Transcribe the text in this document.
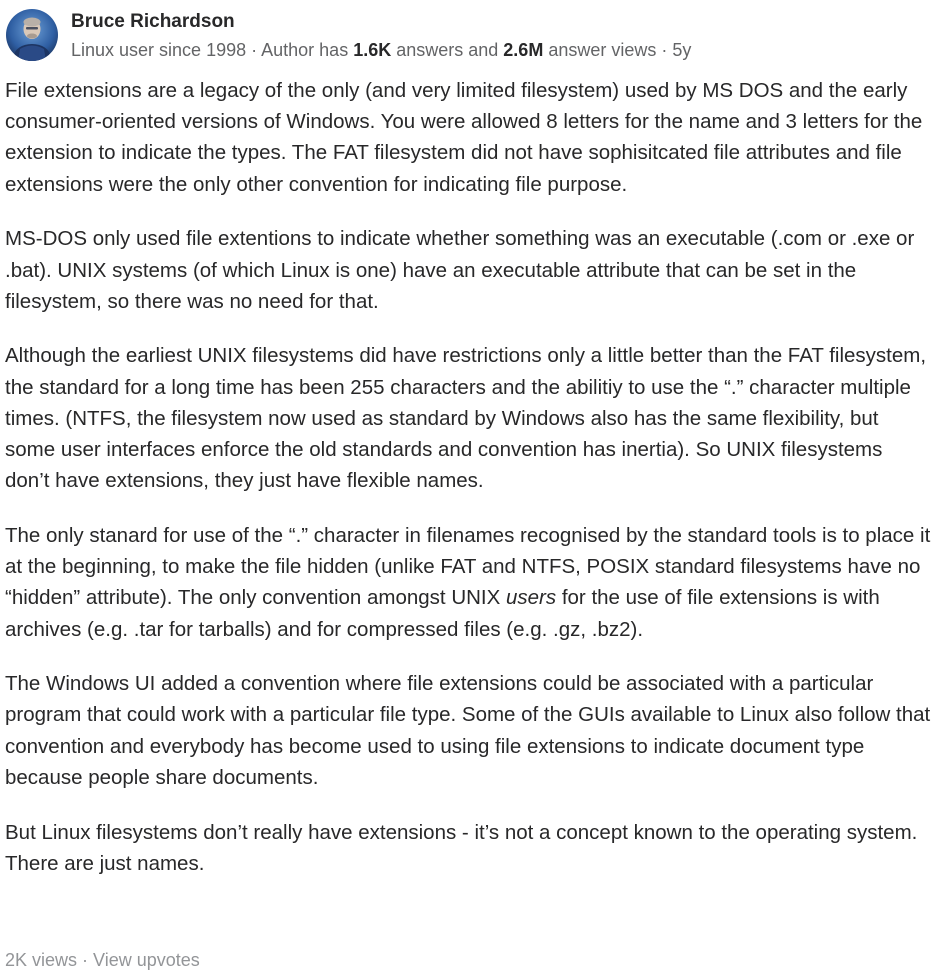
Bruce Richardson
Linux user since 1998 · Author has 1.6K answers and 2.6M answer views · 5y

File extensions are a legacy of the only (and very limited filesystem) used by MS DOS and the early consumer-oriented versions of Windows. You were allowed 8 letters for the name and 3 letters for the extension to indicate the types. The FAT filesystem did not have sophisitcated file attributes and file extensions were the only other convention for indicating file purpose.

MS-DOS only used file extentions to indicate whether something was an executable (.com or .exe or .bat). UNIX systems (of which Linux is one) have an executable attribute that can be set in the filesystem, so there was no need for that.

Although the earliest UNIX filesystems did have restrictions only a little better than the FAT filesystem, the standard for a long time has been 255 characters and the abilitiy to use the “.” character multiple times. (NTFS, the filesystem now used as standard by Windows also has the same flexibility, but some user interfaces enforce the old standards and convention has inertia). So UNIX filesystems don’t have extensions, they just have flexible names.

The only stanard for use of the “.” character in filenames recognised by the standard tools is to place it at the beginning, to make the file hidden (unlike FAT and NTFS, POSIX standard filesystems have no “hidden” attribute). The only convention amongst UNIX users for the use of file extensions is with archives (e.g. .tar for tarballs) and for compressed files (e.g. .gz, .bz2).

The Windows UI added a convention where file extensions could be associated with a particular program that could work with a particular file type. Some of the GUIs available to Linux also follow that convention and everybody has become used to using file extensions to indicate document type because people share documents.

But Linux filesystems don’t really have extensions - it’s not a concept known to the operating system. There are just names.

2K views · View upvotes
